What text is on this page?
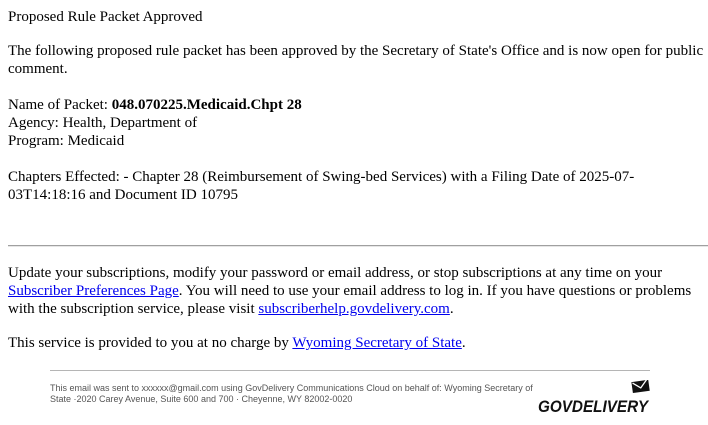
Proposed Rule Packet Approved

The following proposed rule packet has been approved by the Secretary of State's Office and is now open for public comment.

Name of Packet: 048.070225.Medicaid.Chpt 28
Agency: Health, Department of
Program: Medicaid

Chapters Effected: - Chapter 28 (Reimbursement of Swing-bed Services) with a Filing Date of 2025-07-03T14:18:16 and Document ID 10795

Update your subscriptions, modify your password or email address, or stop subscriptions at any time on your Subscriber Preferences Page. You will need to use your email address to log in. If you have questions or problems with the subscription service, please visit subscriberhelp.govdelivery.com.

This service is provided to you at no charge by Wyoming Secretary of State.

This email was sent to xxxxxx@gmail.com using GovDelivery Communications Cloud on behalf of: Wyoming Secretary of State ·2020 Carey Avenue, Suite 600 and 700 · Cheyenne, WY 82002-0020	GOVDELIVERY
